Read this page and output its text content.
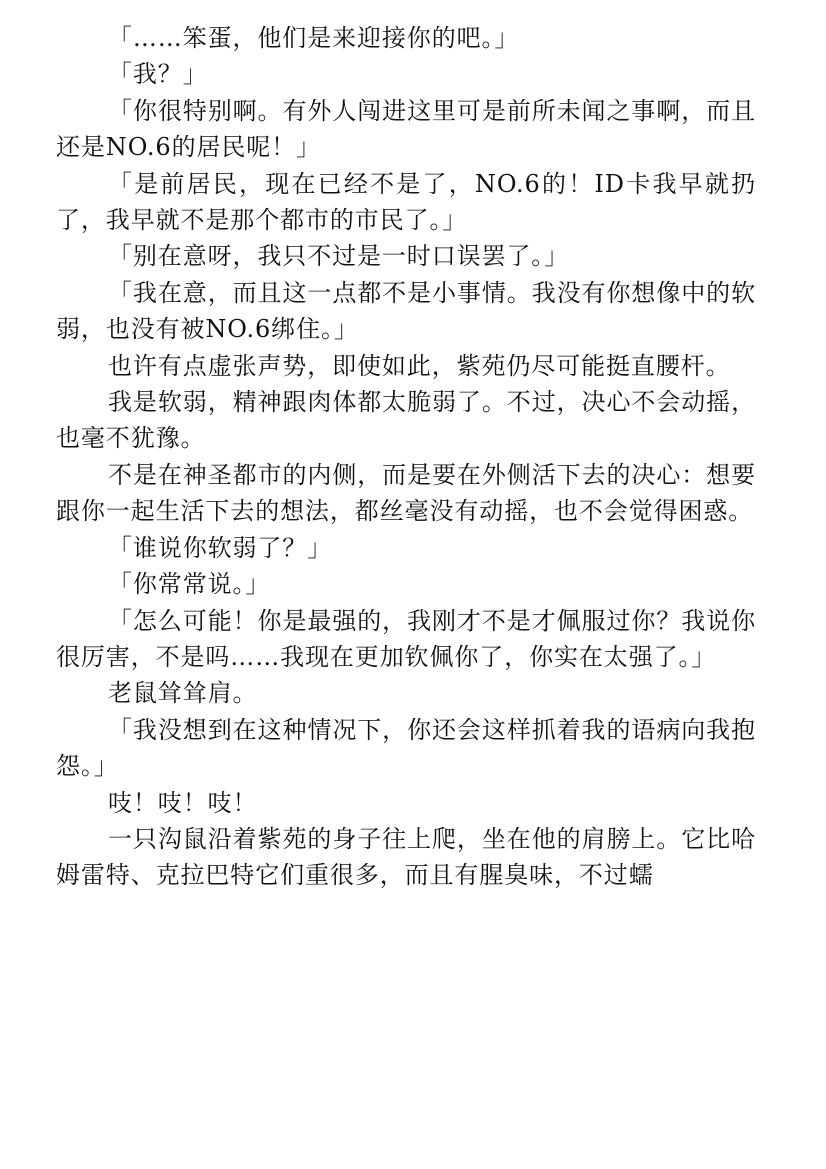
「……笨蛋，他们是来迎接你的吧。」

「我？」

「你很特别啊。有外人闯进这里可是前所未闻之事啊，而且还是NO.6的居民呢！」

「是前居民，现在已经不是了，NO.6的！ID卡我早就扔了，我早就不是那个都市的市民了。」

「别在意呀，我只不过是一时口误罢了。」

「我在意，而且这一点都不是小事情。我没有你想像中的软弱，也没有被NO.6绑住。」

也许有点虚张声势，即使如此，紫苑仍尽可能挺直腰杆。

我是软弱，精神跟肉体都太脆弱了。不过，决心不会动摇，也毫不犹豫。

不是在神圣都市的内侧，而是要在外侧活下去的决心：想要跟你一起生活下去的想法，都丝毫没有动摇，也不会觉得困惑。

「谁说你软弱了？」

「你常常说。」

「怎么可能！你是最强的，我刚才不是才佩服过你？我说你很厉害，不是吗……我现在更加钦佩你了，你实在太强了。」

老鼠耸耸肩。

「我没想到在这种情况下，你还会这样抓着我的语病向我抱怨。」

吱！吱！吱！

一只沟鼠沿着紫苑的身子往上爬，坐在他的肩膀上。它比哈姆雷特、克拉巴特它们重很多，而且有腥臭味，不过蠕
